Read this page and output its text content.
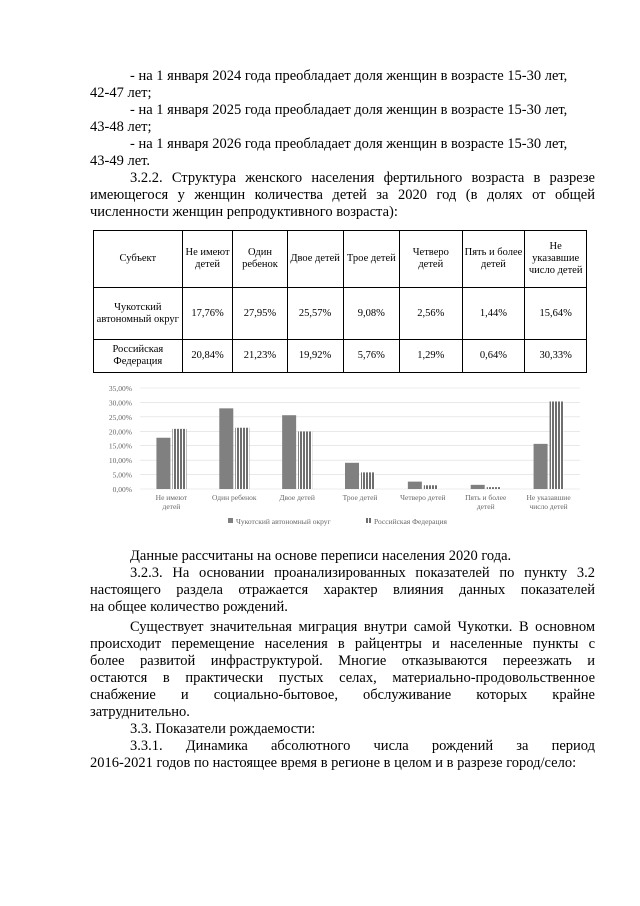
- на 1 января 2024 года преобладает доля женщин в возрасте 15-30 лет,
42-47 лет;
- на 1 января 2025 года преобладает доля женщин в возрасте 15-30 лет,
43-48 лет;
- на 1 января 2026 года преобладает доля женщин в возрасте 15-30 лет,
43-49 лет.
3.2.2. Структура женского населения фертильного возраста в разрезе
имеющегося у женщин количества детей за 2020 год (в долях от общей
численности женщин репродуктивного возраста):
Субъект	Не имеют детей	Один ребенок	Двое детей	Трое детей	Четверо детей	Пять и более детей	Не указавшие число детей
Чукотский автономный округ	17,76%	27,95%	25,57%	9,08%	2,56%	1,44%	15,64%
Российская Федерация	20,84%	21,23%	19,92%	5,76%	1,29%	0,64%	30,33%
0,00%
5,00%
10,00%
15,00%
20,00%
25,00%
30,00%
35,00%
Не имеют
детей
Один ребенок	Двое детей	Трое детей	Четверо детей	Пять и более
детей
Не указавшие
число детей
Чукотский автономный округ	Российская Федерация
Данные рассчитаны на основе переписи населения 2020 года.
3.2.3. На основании проанализированных показателей по пункту 3.2
настоящего раздела отражается характер влияния данных показателей
на общее количество рождений.
Существует значительная миграция внутри самой Чукотки. В основном
происходит перемещение населения в райцентры и населенные пункты с
более развитой инфраструктурой. Многие отказываются переезжать и
остаются в практически пустых селах, материально-продовольственное
снабжение и социально-бытовое, обслуживание которых крайне
затруднительно.
3.3. Показатели рождаемости:
3.3.1. Динамика абсолютного числа рождений за период
2016-2021 годов по настоящее время в регионе в целом и в разрезе город/село:
